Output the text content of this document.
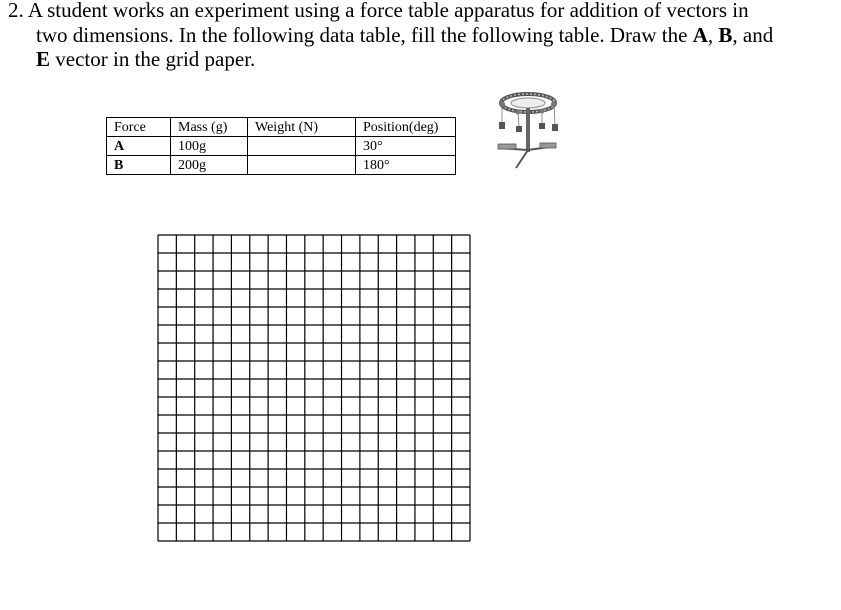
2. A student works an experiment using a force table apparatus for addition of vectors in
two dimensions. In the following data table, fill the following table. Draw the A, B, and
E vector in the grid paper.
Force	Mass (g)	Weight (N)	Position(deg)
A	100g		30°
B	200g		180°
